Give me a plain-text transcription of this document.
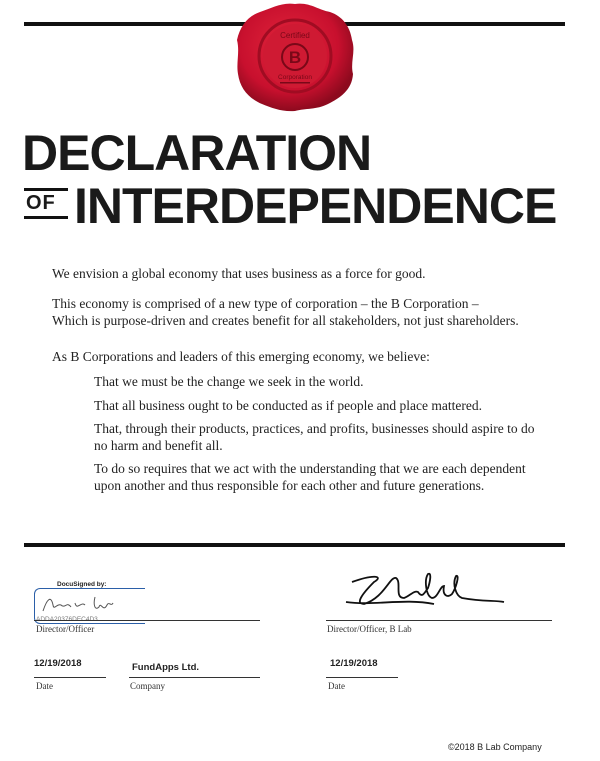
Certified
B
Corporation
DECLARATION
OF INTERDEPENDENCE

We envision a global economy that uses business as a force for good.

This economy is comprised of a new type of corporation – the B Corporation –

Which is purpose-driven and creates benefit for all stakeholders, not just shareholders.

As B Corporations and leaders of this emerging economy, we believe:

That we must be the change we seek in the world.

That all business ought to be conducted as if people and place mattered.

That, through their products, practices, and profits, businesses should aspire to do no harm and benefit all.

To do so requires that we act with the understanding that we are each dependent upon another and thus responsible for each other and future generations.

DocuSigned by:
Director/Officer	Director/Officer, B Lab
12/19/2018
Date
FundApps Ltd.
Company
12/19/2018
Date
©2018 B Lab Company
